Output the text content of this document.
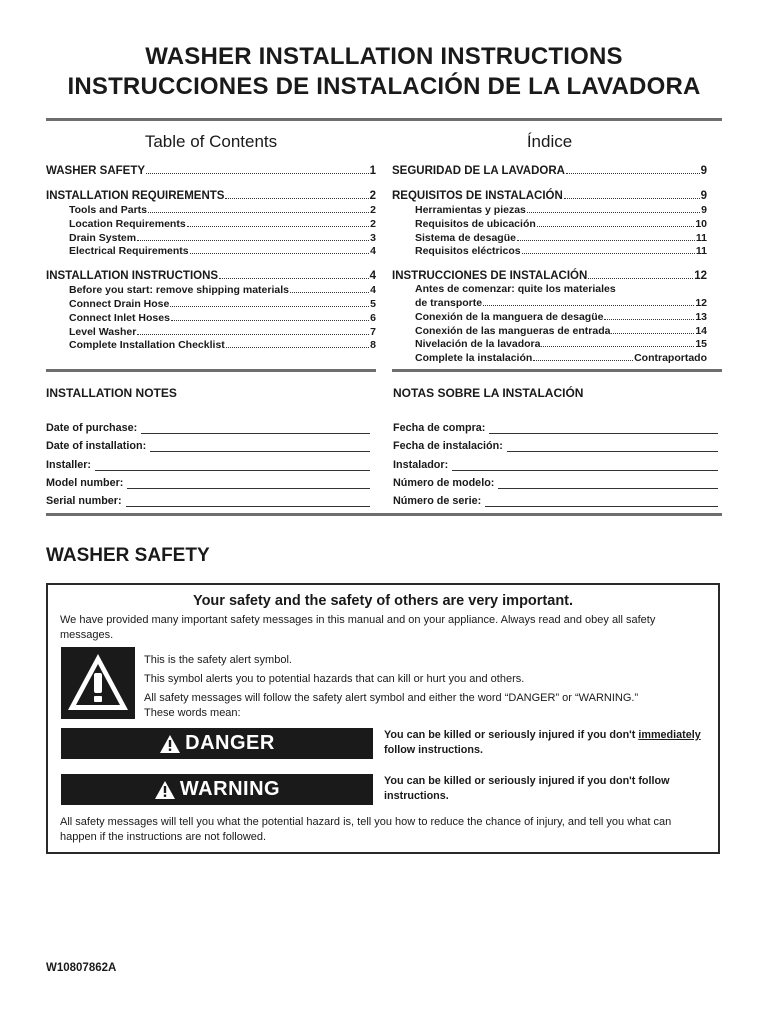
WASHER INSTALLATION INSTRUCTIONS
INSTRUCCIONES DE INSTALACIÓN DE LA LAVADORA
Table of Contents
WASHER SAFETY	1
INSTALLATION REQUIREMENTS	2
Tools and Parts	2
Location Requirements	2
Drain System	3
Electrical Requirements	4
INSTALLATION INSTRUCTIONS	4
Before you start: remove shipping materials	4
Connect Drain Hose	5
Connect Inlet Hoses	6
Level Washer	7
Complete Installation Checklist	8
Índice
SEGURIDAD DE LA LAVADORA	9
REQUISITOS DE INSTALACIÓN	9
Herramientas y piezas	9
Requisitos de ubicación	10
Sistema de desagüe	11
Requisitos eléctricos	11
INSTRUCCIONES DE INSTALACIÓN	12
Antes de comenzar: quite los materiales
de transporte	12
Conexión de la manguera de desagüe	13
Conexión de las mangueras de entrada	14
Nivelación de la lavadora	15
Complete la instalación	Contraportado
INSTALLATION NOTES
Date of purchase:
Date of installation:
Installer:
Model number:
Serial number:
NOTAS SOBRE LA INSTALACIÓN
Fecha de compra:
Fecha de instalación:
Instalador:
Número de modelo:
Número de serie:
WASHER SAFETY
Your safety and the safety of others are very important.
We have provided many important safety messages in this manual and on your appliance. Always read and obey all safety messages.

This is the safety alert symbol.

This symbol alerts you to potential hazards that can kill or hurt you and others.

All safety messages will follow the safety alert symbol and either the word “DANGER” or “WARNING.”

These words mean:

DANGER	You can be killed or seriously injured if you don't immediately
follow instructions.
WARNING	You can be killed or seriously injured if you don't follow instructions.
All safety messages will tell you what the potential hazard is, tell you how to reduce the chance of injury, and tell you what can happen if the instructions are not followed.
W10807862A
